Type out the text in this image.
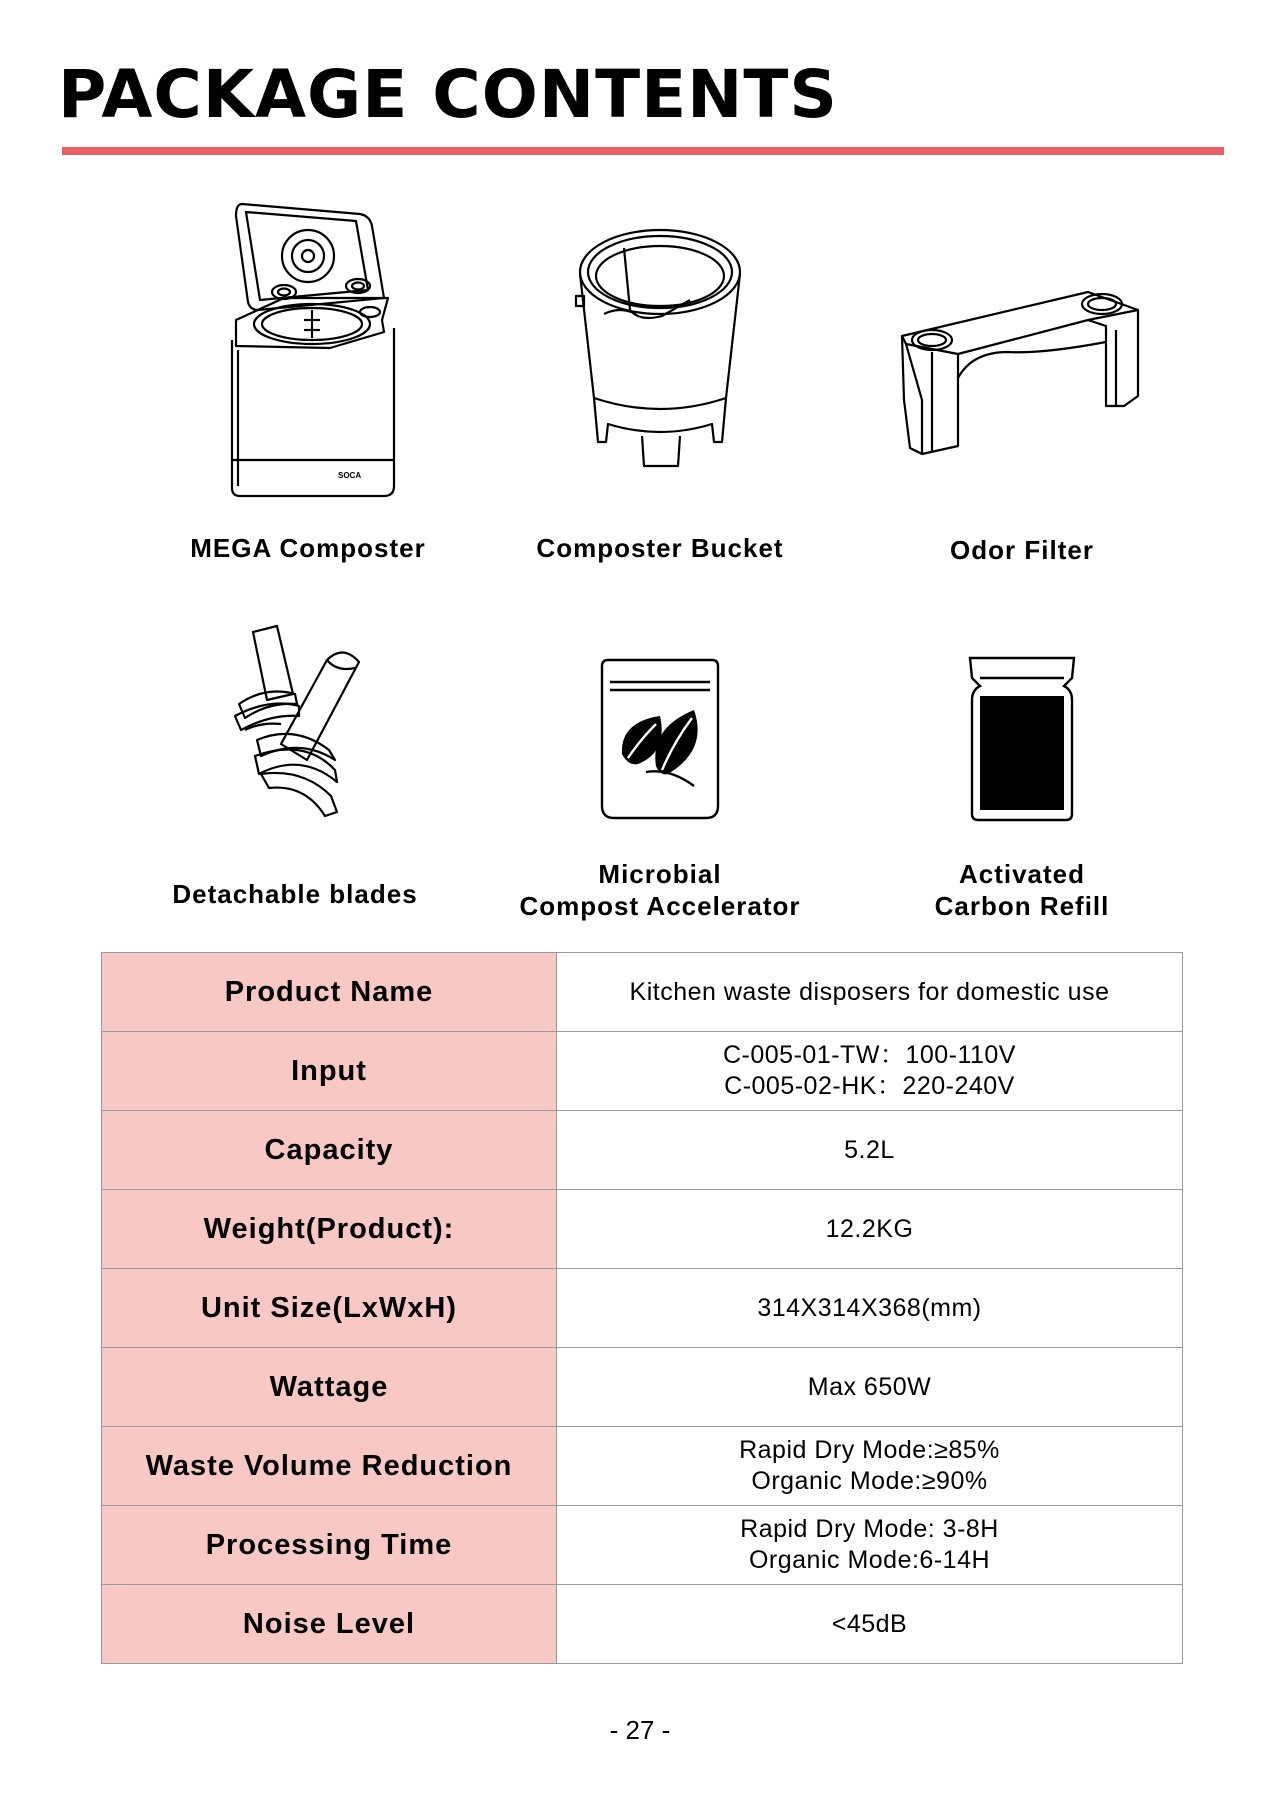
PACKAGE CONTENTS
SOCA

MEGA Composter	Composter Bucket	Odor Filter

Detachable blades

Microbial
Compost Accelerator

Activated
Carbon Refill

Product Name	Kitchen waste disposers for domestic use

Input	C-005-01-TW：100-110V
C-005-02-HK：220-240V

Capacity	5.2L

Weight(Product):	12.2KG

Unit Size(LxWxH)	314X314X368(mm)

Wattage	Max 650W

Waste Volume Reduction	Rapid Dry Mode:≥85%
Organic Mode:≥90%

Processing Time	Rapid Dry Mode: 3-8H
Organic Mode:6-14H

Noise Level	<45dB

- 27 -
